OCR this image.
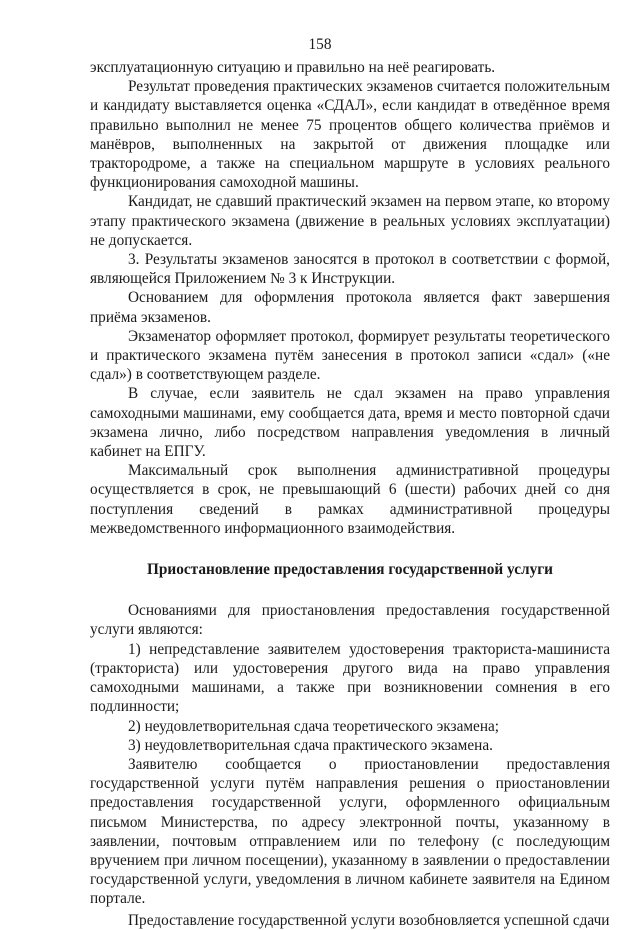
158

эксплуатационную ситуацию и правильно на неё реагировать.

Результат проведения практических экзаменов считается положительным и кандидату выставляется оценка «СДАЛ», если кандидат в отведённое время правильно выполнил не менее 75 процентов общего количества приёмов и манёвров, выполненных на закрытой от движения площадке или трактородроме, а также на специальном маршруте в условиях реального функционирования самоходной машины.

Кандидат, не сдавший практический экзамен на первом этапе, ко второму этапу практического экзамена (движение в реальных условиях эксплуатации) не допускается.

3. Результаты экзаменов заносятся в протокол в соответствии с формой, являющейся Приложением № 3 к Инструкции.

Основанием для оформления протокола является факт завершения приёма экзаменов.

Экзаменатор оформляет протокол, формирует результаты теоретического и практического экзамена путём занесения в протокол записи «сдал» («не сдал») в соответствующем разделе.

В случае, если заявитель не сдал экзамен на право управления самоходными машинами, ему сообщается дата, время и место повторной сдачи экзамена лично, либо посредством направления уведомления в личный кабинет на ЕПГУ.

Максимальный срок выполнения административной процедуры осуществляется в срок, не превышающий 6 (шести) рабочих дней со дня поступления сведений в рамках административной процедуры межведомственного информационного взаимодействия.

Приостановление предоставления государственной услуги

Основаниями для приостановления предоставления государственной услуги являются:

1) непредставление заявителем удостоверения тракториста-машиниста (тракториста) или удостоверения другого вида на право управления самоходными машинами, а также при возникновении сомнения в его подлинности;

2) неудовлетворительная сдача теоретического экзамена;

3) неудовлетворительная сдача практического экзамена.

Заявителю сообщается о приостановлении предоставления государственной услуги путём направления решения о приостановлении предоставления государственной услуги, оформленного официальным письмом Министерства, по адресу электронной почты, указанному в заявлении, почтовым отправлением или по телефону (с последующим вручением при личном посещении), указанному в заявлении о предоставлении государственной услуги, уведомления в личном кабинете заявителя на Едином портале.

Предоставление государственной услуги возобновляется успешной сдачи
